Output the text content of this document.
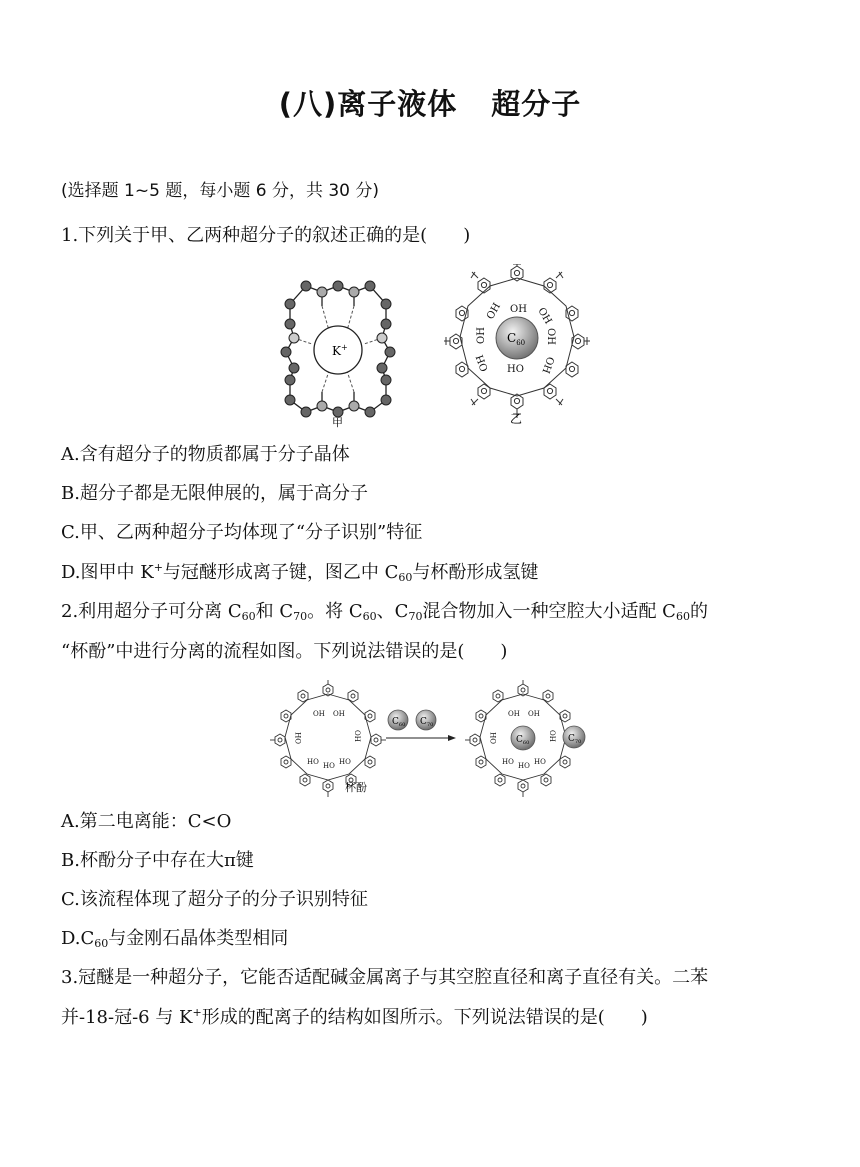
(八)离子液体 超分子
(选择题 1~5 题，每小题 6 分，共 30 分)
1.下列关于甲、乙两种超分子的叙述正确的是(　　)
K+
甲
$C_{60}$
OH
OH	OH
OH	OH
OH	OH
HO
乙
A.含有超分子的物质都属于分子晶体
B.超分子都是无限伸展的，属于高分子
C.甲、乙两种超分子均体现了“分子识别”特征
D.图甲中 K+与冠醚形成离子键，图乙中 $C_{60}$与杯酚形成氢键
2.利用超分子可分离 $C_{60}$和 $C_{70}$。将 $C_{60}$、$C_{70}$混合物加入一种空腔大小适配 $C_{60}$的
“杯酚”中进行分离的流程如图。下列说法错误的是(　　)
OH OH
OH	OH
HO	HO
HO
杯酚
$C_{60}$ $C_{70}$
OH OH
OH	OH
HO	HO
HO
$C_{60}$	$C_{70}$
A.第二电离能：C<O
B.杯酚分子中存在大π键
C.该流程体现了超分子的分子识别特征
$D.C_{60}$与金刚石晶体类型相同
3.冠醚是一种超分子，它能否适配碱金属离子与其空腔直径和离子直径有关。二苯
并-18-冠-6 与 K+形成的配离子的结构如图所示。下列说法错误的是(　　)
